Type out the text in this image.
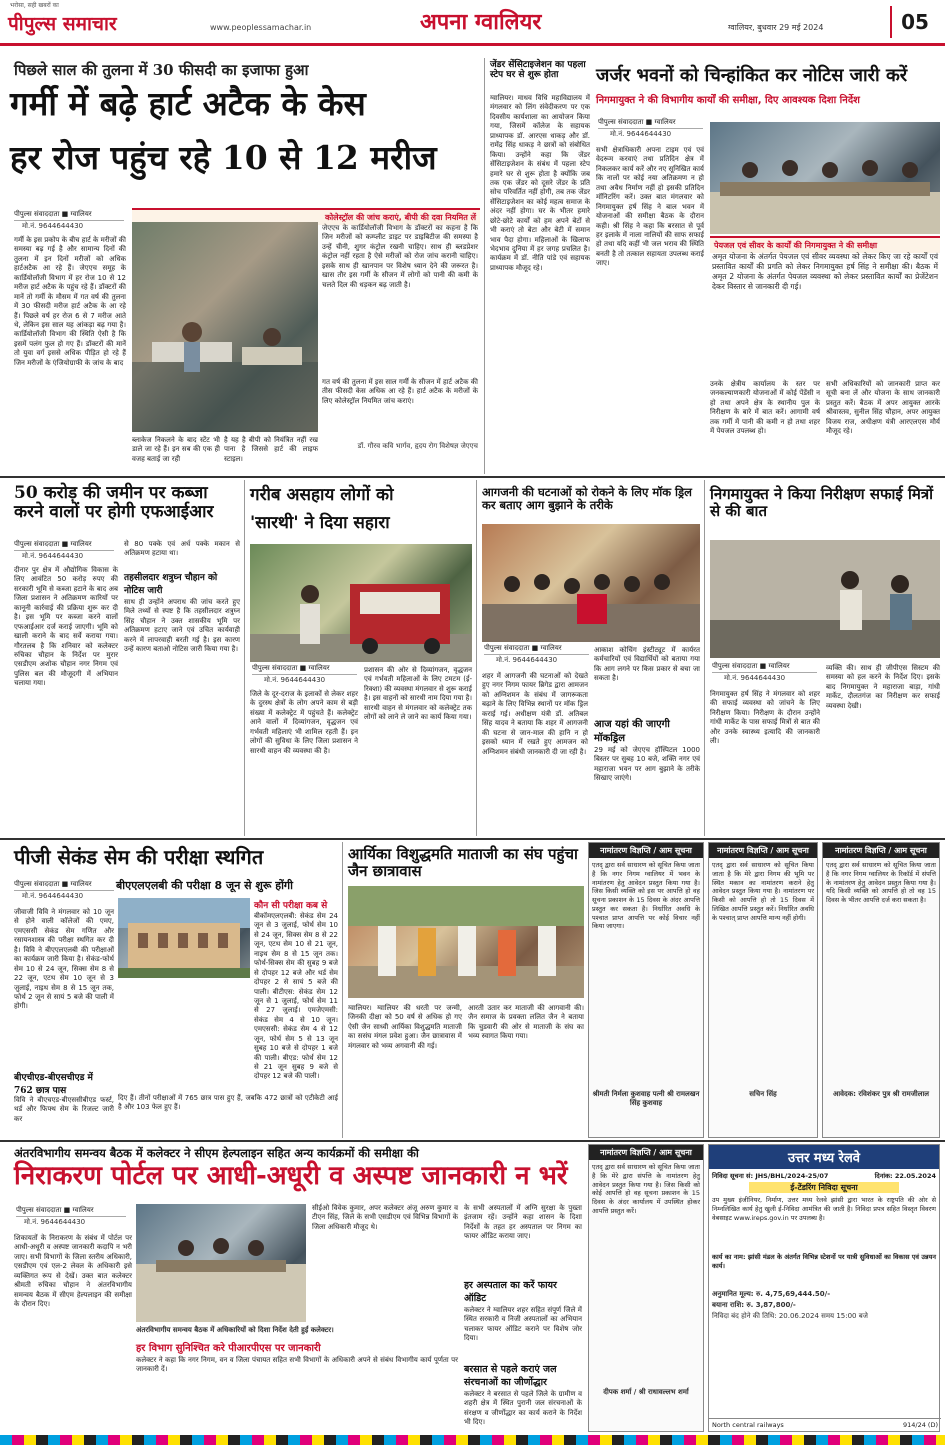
भरोसा, सही खबरों का
पीपुल्स समाचार	www.peoplessamachar.in	अपना ग्वालियर	ग्वालियर, बुधवार 29 मई 2024	05
पिछले साल की तुलना में 30 फीसदी का इजाफा हुआ
गर्मी में बढ़े हार्ट अटैक के केस
हर रोज पहुंच रहे 10 से 12 मरीज
पीपुल्स संवाददाता ■ ग्वालियर
मो.नं. 9644644430
गर्मी के इस प्रकोप के बीच हार्ट के मरीजों की समस्या बढ़ गई है और सामान्य दिनों की तुलना में इन दिनों मरीजों को अधिक हार्टअटैक आ रहे हैं। जेएएच समूह के कार्डियोलॉजी विभाग में हर रोज 10 से 12 मरीज हार्ट अटैक के पहुंच रहे हैं। डॉक्टरों की मानें तो गर्मी के मौसम में गत वर्ष की तुलना में 30 फीसदी मरीज हार्ट अटैक के आ रहे हैं। पिछले वर्ष हर रोज 6 से 7 मरीज आते थे, लेकिन इस साल यह आंकड़ा बढ़ गया है। कार्डियोलॉजी विभाग की स्थिति ऐसी है कि इसमें पलंग फुल हो गए हैं। डॉक्टरों की मानें तो युवा वर्ग इससे अधिक पीड़ित हो रहे हैं जिन मरीजों के एंजियोग्राफी के जांच के बाद
कोलेस्ट्रॉल की जांच कराएं, बीपी की दवा नियमित लें
जेएएच के कार्डियोलॉजी विभाग के डॉक्टरों का कहना है कि जिन मरीजों को कम्प्लीट डाइट पर डाइबिटीज की समस्या है उन्हें चीनी, शुगर कंट्रोल रखनी चाहिए। साथ ही ब्लडप्रेशर कंट्रोल नहीं रहता है ऐसे मरीजों को रोज जांच करानी चाहिए। इसके साथ ही खानपान पर विशेष ध्यान देने की जरूरत है। खास तौर इस गर्मी के सीजन में लोगों को पानी की कमी के चलते दिल की धड़कन बढ़ जाती है।
गत वर्ष की तुलना में इस साल गर्मी के सीजन में हार्ट अटैक की तीस फीसदी केस अधिक आ रहे हैं। हार्ट अटैक के मरीजों के लिए कोलेस्ट्रॉल नियमित जांच कराएं।
डॉ. गौरव कवि भार्गव, हृदय रोग विशेषज्ञ जेएएच
ब्लाकेज निकलने के बाद स्टेंट भी डाले जा रहे हैं। इन सब की एक ही वजह बताई जा रही
है यह है बीपी को नियंत्रित नहीं रख पाना है जिससे हार्ट की लाइफ स्टाइल।
जेंडर सेंसिटाइजेशन का पहला स्टेप घर से शुरू होता
ग्वालियर। माधव विधि महाविद्यालय में मंगलवार को लिंग संवेदीकरण पर एक दिवसीय कार्यशाला का आयोजन किया गया, जिसमें कॉलेज के सहायक प्राध्यापक डॉ. आरएस धाकड़ और डॉ. रामेंद्र सिंह धाकड़ ने छात्रों को संबोधित किया। उन्होंने कहा कि जेंडर सेंसिटाइजेशन के संबंध में पहला स्टेप हमारे घर से शुरू होता है क्योंकि जब तक एक जेंडर को दूसरे जेंडर के प्रति सोच परिवर्तित नहीं होगी, तब तक जेंडर सेंसिटाइजेशन का कोई महत्व समाज के अंदर नहीं होगा। घर के भीतर हमारे छोटे-छोटे कार्यों को हम अपने बेटों से भी कराएं तो बेटा और बेटी में समान भाव पैदा होगा। महिलाओं के खिलाफ भेदभाव दुनिया में हर जगह प्रचलित है। कार्यक्रम में डॉ. नीति पांडे एवं सहायक प्राध्यापक मौजूद रहे।
जर्जर भवनों को चिन्हांकित कर नोटिस जारी करें
निगमायुक्त ने की विभागीय कार्यों की समीक्षा, दिए आवश्यक दिशा निर्देश
पीपुल्स संवाददाता ■ ग्वालियर
मो.नं. 9644644430
सभी क्षेत्राधिकारी अपना टाइम एवं एवं वेदरूम करवाएं तथा प्रतिदिन क्षेत्र में निकलकर कार्य करें और नए सूनिखित कार्य कि नालों पर कोई नया अतिक्रमण न हो तथा अवैध निर्माण नहीं हो इसकी प्रतिदिन मॉनिटरिंग करें। उक्त बात मंगलवार को निगमायुक्त हर्ष सिंह ने बाल भवन में योजनाओं की समीक्षा बैठक के दौरान कही। श्री सिंह ने कहा कि बरसात से पूर्व हर इलाके में नाला नालियों की साफ सफाई हो तथा यदि कहीं भी जल भराव की स्थिति बनती है तो तत्काल सहायता उपलब्ध कराई जाए।
पेयजल एवं सीवर के कार्यों की निगमायुक्त ने की समीक्षा
अमृत योजना के अंतर्गत पेयजल एवं सीवर व्यवस्था को लेकर किए जा रहे कार्यों एवं प्रस्तावित कार्यों की प्रगति को लेकर निगमायुक्त हर्ष सिंह ने समीक्षा की। बैठक में अमृत 2 योजना के अंतर्गत पेयजल व्यवस्था को लेकर प्रस्तावित कार्यों का प्रेजेंटेशन देकर विस्तार से जानकारी दी गई।
उनके क्षेत्रीय कार्यालय के स्तर पर जनकल्याणकारी योजनाओं में कोई पेंडेंसी न हो तथा अपने क्षेत्र के स्थानीय पुल के निरीक्षण के बारे में बात करें। आगामी वर्ष तक गर्मी में पानी की कमी न हो तथा शहर में पेयजल उपलब्ध हो।
सभी अधिकारियों को जानकारी प्राप्त कर सूची बना लें और योजना के साथ जानकारी प्रस्तुत करें। बैठक में अपर आयुक्त आरके श्रीवास्तव, सुनील सिंह चौहान, अपर आयुक्त विजय राज, अधीक्षण यंत्री आरएलएस मौर्य मौजूद रहे।
50 करोड़ की जमीन पर कब्जा करने वालों पर होगी एफआईआर
पीपुल्स संवाददाता ■ ग्वालियर
मो.नं. 9644644430
दीनार पुर क्षेत्र में औद्योगिक विकास के लिए आवंटित 50 करोड़ रुपए की सरकारी भूमि से कब्जा हटाने के बाद अब जिला प्रशासन ने अतिक्रमण कारियों पर कानूनी कार्रवाई की प्रक्रिया शुरू कर दी है। इस भूमि पर कब्जा करने वालों एफआईआर दर्ज कराई जाएगी। भूमि को खाली कराने के बाद सर्वे कराया गया। गौरतलब है कि शनिवार को कलेक्टर रुचिका चौहान के निर्देश पर मुरार एसडीएम अशोक चौहान नगर निगम एवं पुलिस बल की मौजूदगी में अभियान चलाया गया।
से 80 पक्के एवं अर्ध पक्के मकान से अतिक्रमण हटाया था।
तहसीलदार शत्रुघ्न चौहान को नोटिस जारी
साथ ही उन्होंने अपराध की जांच करते हुए मिले तथ्यों से स्पष्ट है कि तहसीलदार शत्रुघ्न सिंह चौहान ने उक्त शासकीय भूमि पर अतिक्रमण हटाए जाने एवं उचित कार्यवाही करने में लापरवाही बरती गई है। इस कारण उन्हें कारण बताओ नोटिस जारी किया गया है।
गरीब असहाय लोगों को
'सारथी' ने दिया सहारा
पीपुल्स संवाददाता ■ ग्वालियर
मो.नं. 9644644430
जिले के दूर-दराज के इलाकों से लेकर शहर के दुरस्थ क्षेत्रों के लोग अपने काम से बड़ी संख्या में कलेक्ट्रेट में पहुंचते हैं। कलेक्ट्रेट आने वालों में दिव्यांगजन, वृद्धजन एवं गर्भवती महिलाएं भी शामिल रहती हैं। इन लोगों की सुविधा के लिए जिला प्रशासन ने सारथी वाहन की व्यवस्था की है।
प्रशासन की ओर से दिव्यांगजन, वृद्धजन एवं गर्भवती महिलाओं के लिए टमटम (ई-रिक्शा) की व्यवस्था मंगलवार से शुरू कराई है। इस वाहनों को सारथी नाम दिया गया है। सारथी वाहन से मंगलवार को कलेक्ट्रेट तक लोगों को लाने ले जाने का कार्य किया गया।
आगजनी की घटनाओं को रोकने के लिए मॉक ड्रिल कर बताए आग बुझाने के तरीके
पीपुल्स संवाददाता ■ ग्वालियर
मो.नं. 9644644430
शहर में आगजनी की घटनाओं को देखते हुए नगर निगम फायर ब्रिगेड द्वारा आमजन को अग्निशमन के संबंध में जागरूकता बढ़ाने के लिए विभिन्न स्थानों पर मॉक ड्रिल कराई गई। अधीक्षण यंत्री डॉ. अतिबल सिंह यादव ने बताया कि शहर में आगजनी की घटना से जान-माल की हानि न हो इसको ध्यान में रखते हुए आमजन को अग्निशमन संबंधी जानकारी दी जा रही है।
आकाश कोचिंग इंस्टीट्यूट में कार्यरत कर्मचारियों एवं विद्यार्थियों को बताया गया कि आग लगने पर किस प्रकार से बचा जा सकता है।
आज यहां की जाएगी मॉकड्रिल
29 मई को जेएएच हॉस्पिटल 1000 बिस्तर पर सुबह 10 बजे, शक्ति नगर एवं महाराजा भवन पर आग बुझाने के तरीके सिखाए जाएंगे।
निगमायुक्त ने किया निरीक्षण सफाई मित्रों से की बात
पीपुल्स संवाददाता ■ ग्वालियर
मो.नं. 9644644430
निगमायुक्त हर्ष सिंह ने मंगलवार को शहर की सफाई व्यवस्था को जांचने के लिए निरीक्षण किया। निरीक्षण के दौरान उन्होंने गांधी मार्केट के पास सफाई मित्रों से बात की और उनके स्वास्थ्य इत्यादि की जानकारी ली।
व्यक्ति की। साथ ही जीपीएस सिस्टम की समस्या को हल करने के निर्देश दिए। इसके बाद निगमायुक्त ने महाराजा बाड़ा, गांधी मार्केट, दौलतगंज का निरीक्षण कर सफाई व्यवस्था देखी।
पीजी सेकंड सेम की परीक्षा स्थगित
बीएएलएलबी की परीक्षा 8 जून से शुरू होंगी
पीपुल्स संवाददाता ■ ग्वालियर
मो.नं. 9644644430
जीवाजी विवि ने मंगलवार को 10 जून से होने वाली कॉलेजों की एमए, एमएससी सेकंड सेम गणित और रसायनशास्त्र की परीक्षा स्थगित कर दी है। विवि ने बीएएलएलबी की परीक्षाओं का कार्यक्रम जारी किया है। सेकंड-फोर्थ सेम 10 से 24 जून, सिक्स सेम 8 से 22 जून, एटथ सेम 10 जून से 3 जुलाई, नाइथ सेम 8 से 15 जून तक, फोर्थ 2 जून से सायं 5 बजे की पाली में होगी।
बीएचीएड-बीएसचीएड में 762 छात्र पास
विवि ने बीएचएड-बीएससीबीएड फर्स्ट, थर्ड और फिफ्थ सेम के रिजल्ट जारी कर
कौन सी परीक्षा कब से
बीकॉमएलएलबी: सेकंड सेम 24 जून से 3 जुलाई, फोर्थ सेम 10 से 24 जून, सिक्स सेम 8 से 22 जून, एटथ सेम 10 से 21 जून, नाइथ सेम 8 से 15 जून तक। फोर्थ-सिक्स सेम की सुबह 9 बजे से दोपहर 12 बजे और थर्ड सेम दोपहर 2 से सायं 5 बजे की पाली। बीटीएस: सेकंड सेम 12 जून से 1 जुलाई, फोर्थ सेम 11 से 27 जुलाई। एमजेएमसी: सेकंड सेम 4 से 10 जून। एमएससी: सेकंड सेम 4 से 12 जून, फोर्थ सेम 5 से 13 जून सुबह 10 बजे से दोपहर 1 बजे की पाली। बीएड: फोर्थ सेम 12 से 21 जून सुबह 9 बजे से दोपहर 12 बजे की पाली।
दिए हैं। तीनों परीक्षाओं में 765 छात्र पास हुए हैं, जबकि 472 छात्रों को एटीकेटी आई है और 103 फेल हुए हैं।
आर्यिका विशुद्धमति माताजी का संघ पहुंचा जैन छात्रावास
ग्वालियर। ग्वालियर की धरती पर जन्मी, जिनकी दीक्षा को 50 वर्ष से अधिक हो गए ऐसी जैन साध्वी आर्यिका विशुद्धमति माताजी का ससंघ मंगल प्रवेश हुआ। जैन छात्रावास में मंगलवार को भव्य अगवानी की गई।
आरती उतार कर माताजी की आगवानी की। जैन समाज के प्रवक्ता ललित जैन ने बताया कि चुडवारी की ओर से माताजी के संघ का भव्य स्वागत किया गया।
नामांतरण विज्ञप्ति / आम सूचना
एतद् द्वारा सर्व साधारण को सूचित किया जाता है कि नगर निगम ग्वालियर में भवन के नामांतरण हेतु आवेदन प्रस्तुत किया गया है। जिस किसी व्यक्ति को इस पर आपत्ति हो वह सूचना प्रकाशन के 15 दिवस के अंदर आपत्ति प्रस्तुत कर सकता है। निर्धारित अवधि के पश्चात प्राप्त आपत्ति पर कोई विचार नहीं किया जाएगा।
श्रीमती निर्मला कुशवाह पत्नी श्री रामलखन सिंह कुशवाह
नामांतरण विज्ञप्ति / आम सूचना
एतद् द्वारा सर्व साधारण को सूचित किया जाता है कि मेरे द्वारा निगम की भूमि पर स्थित मकान का नामांतरण कराने हेतु आवेदन प्रस्तुत किया गया है। नामांतरण पर किसी को आपत्ति हो तो 15 दिवस में लिखित आपत्ति प्रस्तुत करें। निर्धारित अवधि के पश्चात् प्राप्त आपत्ति मान्य नहीं होगी।
सचिन सिंह
नामांतरण विज्ञप्ति / आम सूचना
एतद् द्वारा सर्व साधारण को सूचित किया जाता है कि नगर निगम ग्वालियर के रिकॉर्ड में संपत्ति के नामांतरण हेतु आवेदन प्रस्तुत किया गया है। यदि किसी व्यक्ति को आपत्ति हो तो वह 15 दिवस के भीतर आपत्ति दर्ज करा सकता है।
आवेदक: रविशंकर पुत्र श्री रामजीलाल
अंतरविभागीय समन्वय बैठक में कलेक्टर ने सीएम हेल्पलाइन सहित अन्य कार्यक्रमों की समीक्षा की
निराकरण पोर्टल पर आधी-अधूरी व अस्पष्ट जानकारी न भरें
पीपुल्स संवाददाता ■ ग्वालियर
मो.नं. 9644644430
शिकायतों के निराकरण के संबंध में पोर्टल पर आधी-अधूरी व अस्पष्ट जानकारी कदापि न भरी जाए। सभी विभागों के जिला स्तरीय अधिकारी, एसडीएम एवं एल-2 लेवल के अधिकारी इसे व्यक्तिगत रूप से देखें। उक्त बात कलेक्टर श्रीमती रुचिका चौहान ने अंतरविभागीय समन्वय बैठक में सीएम हेल्पलाइन की समीक्षा के दौरान दिए।
सीईओ विवेक कुमार, अपर कलेक्टर अंजू अरुण कुमार व टीएन सिंह, जिले के सभी एसडीएम एवं विभिन्न विभागों के जिला अधिकारी मौजूद थे।
अंतरविभागीय समन्वय बैठक में अधिकारियों को दिशा निर्देश देती हुईं कलेक्टर।
हर विभाग सुनिश्चित करे पीआरपीएस पर जानकारी
कलेक्टर ने कहा कि नगर निगम, वन व जिला पंचायत सहित सभी विभागों के अधिकारी अपने से संबंध विभागीय कार्य पूर्णता पर जानकारी दें।
के सभी अस्पतालों में अग्नि सुरक्षा के पुख्ता इंतजाम रहें। उन्होंने कहा शासन के दिशा निर्देशों के तहत हर अस्पताल पर निगम का फायर ऑडिट कराया जाए।
हर अस्पताल का करें फायर ऑडिट
कलेक्टर ने ग्वालियर शहर सहित संपूर्ण जिले में स्थित सरकारी व निजी अस्पतालों का अभियान चलाकर फायर ऑडिट कराने पर विशेष जोर दिया।
बरसात से पहले कराएं जल संरचनाओं का जीर्णोद्धार
कलेक्टर ने बरसात से पहले जिले के ग्रामीण व शहरी क्षेत्र में स्थित पुरानी जल संरचनाओं के संरक्षण व जीर्णोद्धार का कार्य कराने के निर्देश भी दिए।
नामांतरण विज्ञप्ति / आम सूचना
एतद् द्वारा सर्व साधारण को सूचित किया जाता है कि मेरे द्वारा संपत्ति के नामांतरण हेतु आवेदन प्रस्तुत किया गया है। जिस किसी को कोई आपत्ति हो वह सूचना प्रकाशन के 15 दिवस के अंदर कार्यालय में उपस्थित होकर आपत्ति प्रस्तुत करें।
दीपक शर्मा / श्री राधावल्लभ शर्मा
उत्तर मध्य रेलवे
निविदा सूचना सं: JHS/BHL/2024-25/07	दिनांक: 22.05.2024
ई-टेंडरिंग निविदा सूचना
उप मुख्य इंजीनियर, निर्माण, उत्तर मध्य रेलवे झांसी द्वारा भारत के राष्ट्रपति की ओर से निम्नलिखित कार्य हेतु खुली ई-निविदा आमंत्रित की जाती है। निविदा प्रपत्र सहित विस्तृत विवरण वेबसाइट www.ireps.gov.in पर उपलब्ध है।
कार्य का नाम: झांसी मंडल के अंतर्गत विभिन्न स्टेशनों पर यात्री सुविधाओं का विकास एवं उन्नयन कार्य।
अनुमानित मूल्य: रु. 4,75,69,444.50/-
बयाना राशि: रु. 3,87,800/-
निविदा बंद होने की तिथि: 20.06.2024 समय 15:00 बजे
North central railways	914/24 (D)
